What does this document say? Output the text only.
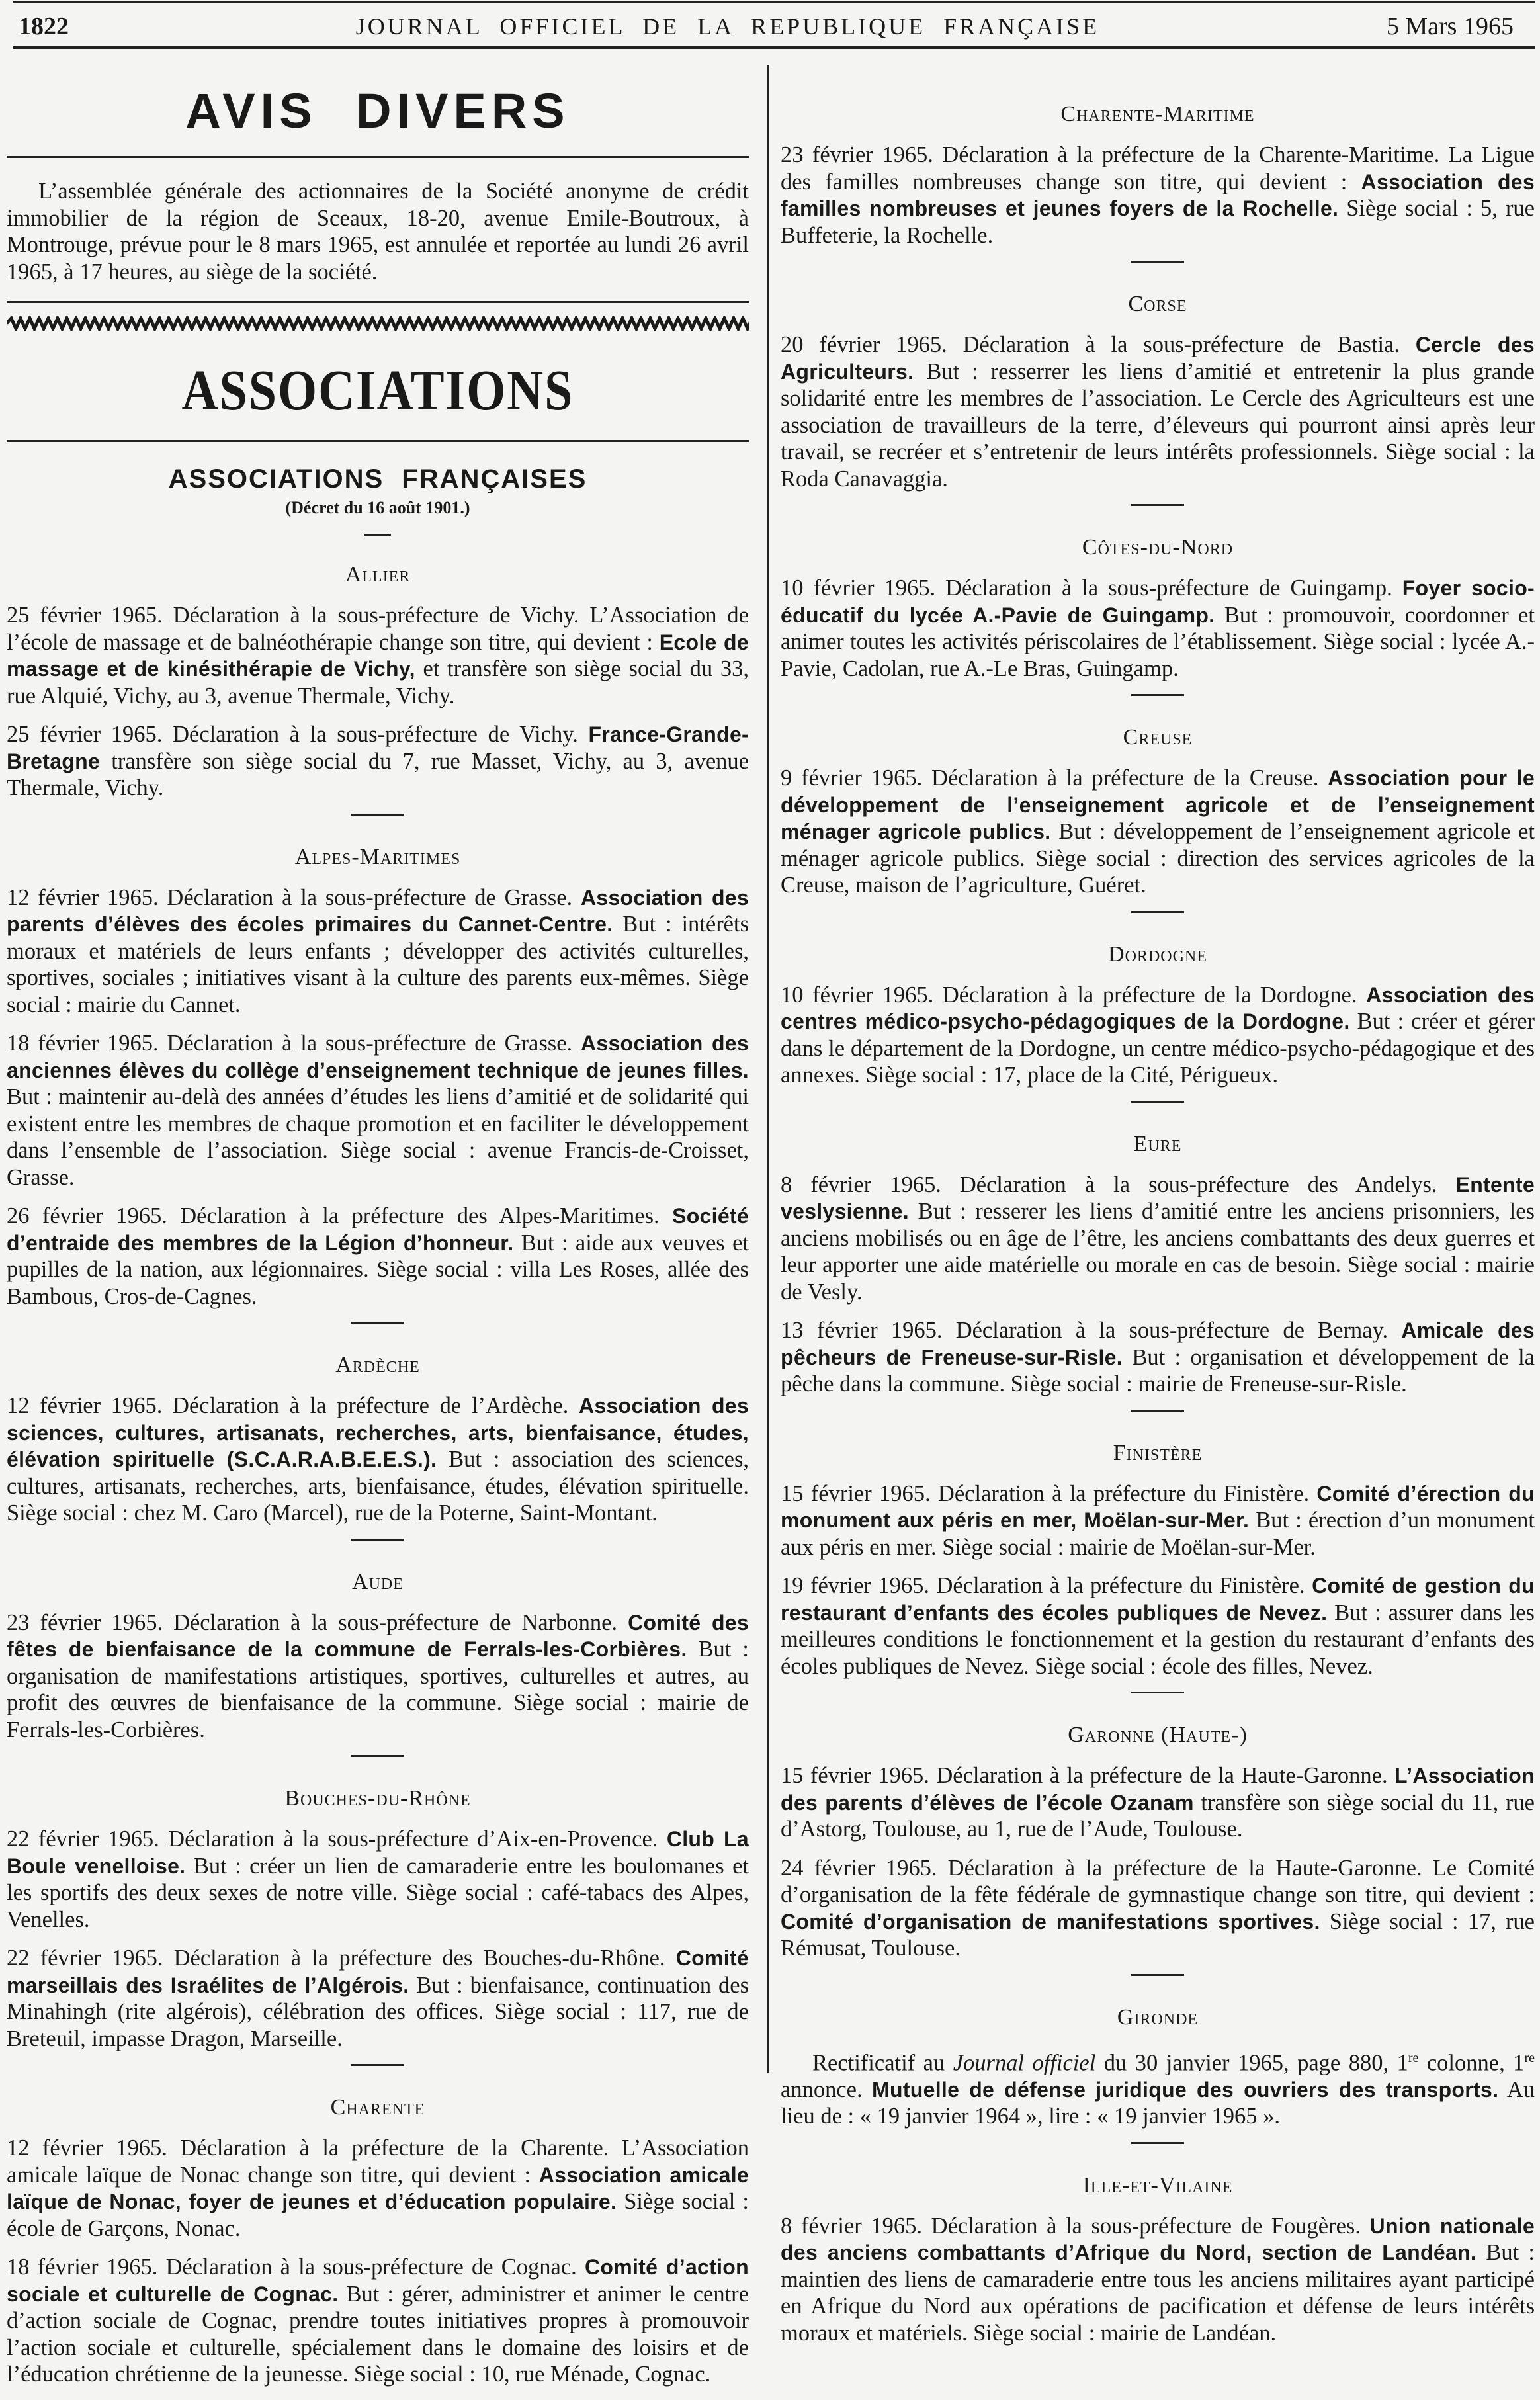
1822	JOURNAL OFFICIEL DE LA REPUBLIQUE FRANÇAISE	5 Mars 1965
AVIS DIVERS

L’assemblée générale des actionnaires de la Société anonyme de crédit immobilier de la région de Sceaux, 18-20, avenue Emile-Boutroux, à Montrouge, prévue pour le 8 mars 1965, est annulée et reportée au lundi 26 avril 1965, à 17 heures, au siège de la société.

ASSOCIATIONS
ASSOCIATIONS FRANÇAISES
(Décret du 16 août 1901.)
Allier

25 février 1965. Déclaration à la sous-préfecture de Vichy. L’Association de l’école de massage et de balnéothérapie change son titre, qui devient : Ecole de massage et de kinésithérapie de Vichy, et transfère son siège social du 33, rue Alquié, Vichy, au 3, avenue Thermale, Vichy.

25 février 1965. Déclaration à la sous-préfecture de Vichy. France-Grande-Bretagne transfère son siège social du 7, rue Masset, Vichy, au 3, avenue Thermale, Vichy.

Alpes-Maritimes

12 février 1965. Déclaration à la sous-préfecture de Grasse. Association des parents d’élèves des écoles primaires du Cannet-Centre. But : intérêts moraux et matériels de leurs enfants ; développer des activités culturelles, sportives, sociales ; initiatives visant à la culture des parents eux-mêmes. Siège social : mairie du Cannet.

18 février 1965. Déclaration à la sous-préfecture de Grasse. Association des anciennes élèves du collège d’enseignement technique de jeunes filles. But : maintenir au-delà des années d’études les liens d’amitié et de solidarité qui existent entre les membres de chaque promotion et en faciliter le développement dans l’ensemble de l’association. Siège social : avenue Francis-de-Croisset, Grasse.

26 février 1965. Déclaration à la préfecture des Alpes-Maritimes. Société d’entraide des membres de la Légion d’honneur. But : aide aux veuves et pupilles de la nation, aux légionnaires. Siège social : villa Les Roses, allée des Bambous, Cros-de-Cagnes.

Ardèche

12 février 1965. Déclaration à la préfecture de l’Ardèche. Association des sciences, cultures, artisanats, recherches, arts, bienfaisance, études, élévation spirituelle (S.C.A.R.A.B.E.E.S.). But : association des sciences, cultures, artisanats, recherches, arts, bienfaisance, études, élévation spirituelle. Siège social : chez M. Caro (Marcel), rue de la Poterne, Saint-Montant.

Aude

23 février 1965. Déclaration à la sous-préfecture de Narbonne. Comité des fêtes de bienfaisance de la commune de Ferrals-les-Corbières. But : organisation de manifestations artistiques, sportives, culturelles et autres, au profit des œuvres de bienfaisance de la commune. Siège social : mairie de Ferrals-les-Corbières.

Bouches-du-Rhône

22 février 1965. Déclaration à la sous-préfecture d’Aix-en-Provence. Club La Boule venelloise. But : créer un lien de camaraderie entre les boulomanes et les sportifs des deux sexes de notre ville. Siège social : café-tabacs des Alpes, Venelles.

22 février 1965. Déclaration à la préfecture des Bouches-du-Rhône. Comité marseillais des Israélites de l’Algérois. But : bienfaisance, continuation des Minahingh (rite algérois), célébration des offices. Siège social : 117, rue de Breteuil, impasse Dragon, Marseille.

Charente

12 février 1965. Déclaration à la préfecture de la Charente. L’Association amicale laïque de Nonac change son titre, qui devient : Association amicale laïque de Nonac, foyer de jeunes et d’éducation populaire. Siège social : école de Garçons, Nonac.

18 février 1965. Déclaration à la sous-préfecture de Cognac. Comité d’action sociale et culturelle de Cognac. But : gérer, administrer et animer le centre d’action sociale de Cognac, prendre toutes initiatives propres à promouvoir l’action sociale et culturelle, spécialement dans le domaine des loisirs et de l’éducation chrétienne de la jeunesse. Siège social : 10, rue Ménade, Cognac.

Charente-Maritime

23 février 1965. Déclaration à la préfecture de la Charente-Maritime. La Ligue des familles nombreuses change son titre, qui devient : Association des familles nombreuses et jeunes foyers de la Rochelle. Siège social : 5, rue Buffeterie, la Rochelle.

Corse

20 février 1965. Déclaration à la sous-préfecture de Bastia. Cercle des Agriculteurs. But : resserrer les liens d’amitié et entretenir la plus grande solidarité entre les membres de l’association. Le Cercle des Agriculteurs est une association de travailleurs de la terre, d’éleveurs qui pourront ainsi après leur travail, se recréer et s’entretenir de leurs intérêts professionnels. Siège social : la Roda Canavaggia.

Côtes-du-Nord

10 février 1965. Déclaration à la sous-préfecture de Guingamp. Foyer socio-éducatif du lycée A.-Pavie de Guingamp. But : promouvoir, coordonner et animer toutes les activités périscolaires de l’établissement. Siège social : lycée A.-Pavie, Cadolan, rue A.-Le Bras, Guingamp.

Creuse

9 février 1965. Déclaration à la préfecture de la Creuse. Association pour le développement de l’enseignement agricole et de l’enseignement ménager agricole publics. But : développement de l’enseignement agricole et ménager agricole publics. Siège social : direction des services agricoles de la Creuse, maison de l’agriculture, Guéret.

Dordogne

10 février 1965. Déclaration à la préfecture de la Dordogne. Association des centres médico-psycho-pédagogiques de la Dordogne. But : créer et gérer dans le département de la Dordogne, un centre médico-psycho-pédagogique et des annexes. Siège social : 17, place de la Cité, Périgueux.

Eure

8 février 1965. Déclaration à la sous-préfecture des Andelys. Entente veslysienne. But : resserer les liens d’amitié entre les anciens prisonniers, les anciens mobilisés ou en âge de l’être, les anciens combattants des deux guerres et leur apporter une aide matérielle ou morale en cas de besoin. Siège social : mairie de Vesly.

13 février 1965. Déclaration à la sous-préfecture de Bernay. Amicale des pêcheurs de Freneuse-sur-Risle. But : organisation et développement de la pêche dans la commune. Siège social : mairie de Freneuse-sur-Risle.

Finistère

15 février 1965. Déclaration à la préfecture du Finistère. Comité d’érection du monument aux péris en mer, Moëlan-sur-Mer. But : érection d’un monument aux péris en mer. Siège social : mairie de Moëlan-sur-Mer.

19 février 1965. Déclaration à la préfecture du Finistère. Comité de gestion du restaurant d’enfants des écoles publiques de Nevez. But : assurer dans les meilleures conditions le fonctionnement et la gestion du restaurant d’enfants des écoles publiques de Nevez. Siège social : école des filles, Nevez.

Garonne (Haute-)

15 février 1965. Déclaration à la préfecture de la Haute-Garonne. L’Association des parents d’élèves de l’école Ozanam transfère son siège social du 11, rue d’Astorg, Toulouse, au 1, rue de l’Aude, Toulouse.

24 février 1965. Déclaration à la préfecture de la Haute-Garonne. Le Comité d’organisation de la fête fédérale de gymnastique change son titre, qui devient : Comité d’organisation de manifestations sportives. Siège social : 17, rue Rémusat, Toulouse.

Gironde

Rectificatif au Journal officiel du 30 janvier 1965, page 880, 1re colonne, 1re annonce. Mutuelle de défense juridique des ouvriers des transports. Au lieu de : « 19 janvier 1964 », lire : « 19 janvier 1965 ».

Ille-et-Vilaine

8 février 1965. Déclaration à la sous-préfecture de Fougères. Union nationale des anciens combattants d’Afrique du Nord, section de Landéan. But : maintien des liens de camaraderie entre tous les anciens militaires ayant participé en Afrique du Nord aux opérations de pacification et défense de leurs intérêts moraux et matériels. Siège social : mairie de Landéan.
